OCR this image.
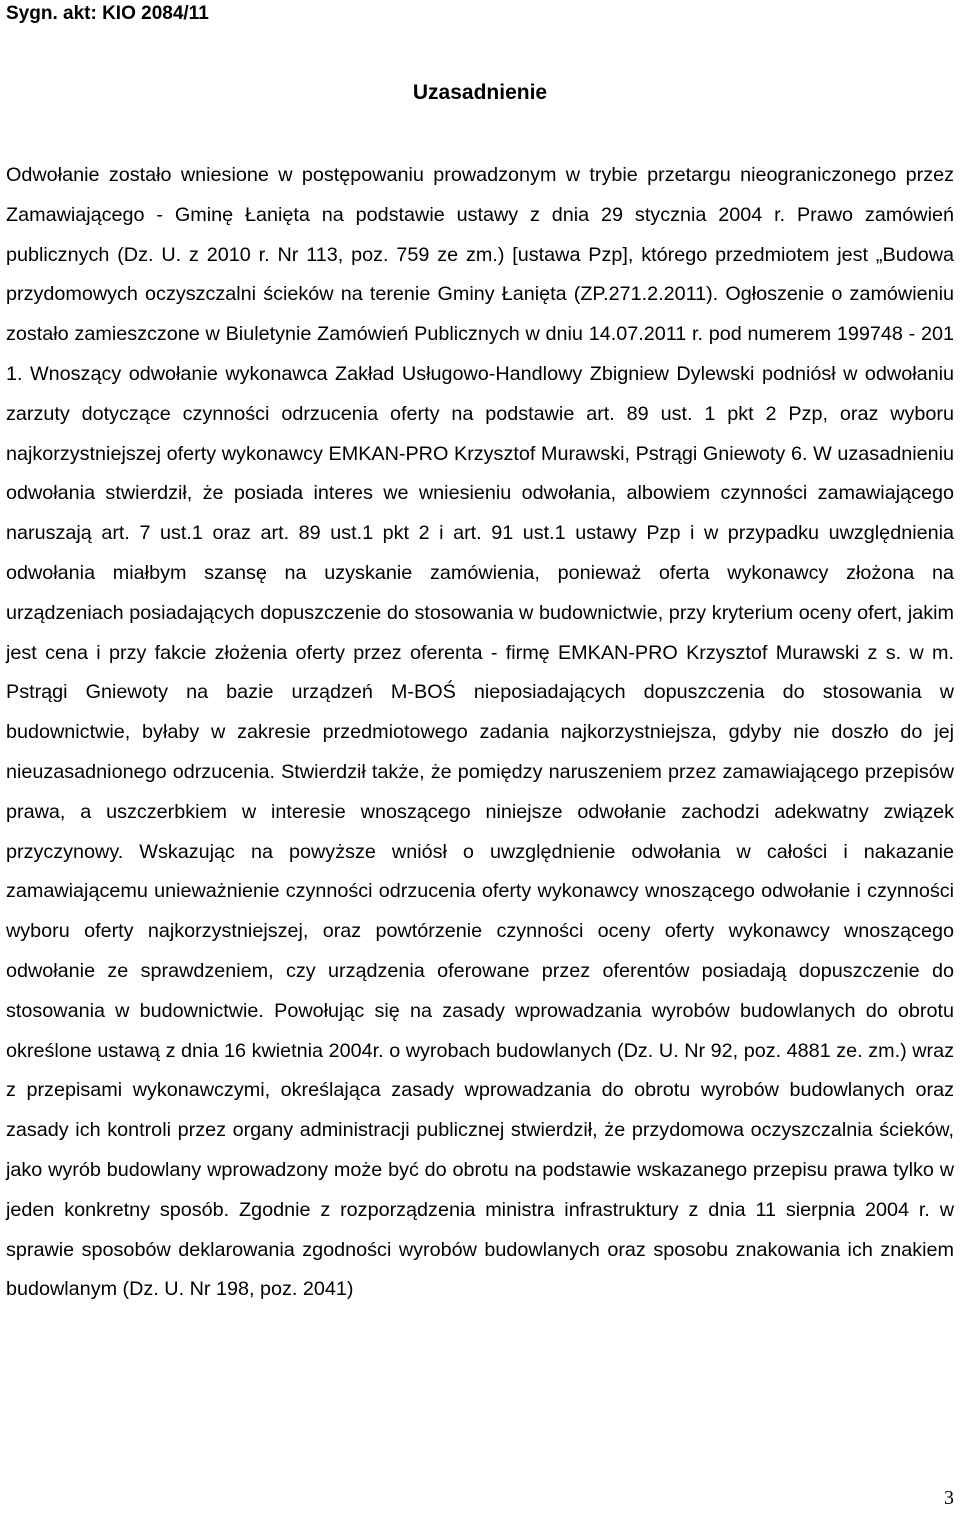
Sygn. akt: KIO 2084/11
Uzasadnienie

Odwołanie zostało wniesione w postępowaniu prowadzonym w trybie przetargu nieograniczonego przez Zamawiającego - Gminę Łanięta na podstawie ustawy z dnia 29 stycznia 2004 r. Prawo zamówień publicznych (Dz. U. z 2010 r. Nr 113, poz. 759 ze zm.) [ustawa Pzp], którego przedmiotem jest „Budowa przydomowych oczyszczalni ścieków na terenie Gminy Łanięta (ZP.271.2.2011). Ogłoszenie o zamówieniu zostało zamieszczone w Biuletynie Zamówień Publicznych w dniu 14.07.2011 r. pod numerem 199748 - 201 1. Wnoszący odwołanie wykonawca Zakład Usługowo-Handlowy Zbigniew Dylewski podniósł w odwołaniu zarzuty dotyczące czynności odrzucenia oferty na podstawie art. 89 ust. 1 pkt 2 Pzp, oraz wyboru najkorzystniejszej oferty wykonawcy EMKAN-PRO Krzysztof Murawski, Pstrągi Gniewoty 6. W uzasadnieniu odwołania stwierdził, że posiada interes we wniesieniu odwołania, albowiem czynności zamawiającego naruszają art. 7 ust.1 oraz art. 89 ust.1 pkt 2 i art. 91 ust.1 ustawy Pzp i w przypadku uwzględnienia odwołania miałbym szansę na uzyskanie zamówienia, ponieważ oferta wykonawcy złożona na urządzeniach posiadających dopuszczenie do stosowania w budownictwie, przy kryterium oceny ofert, jakim jest cena i przy fakcie złożenia oferty przez oferenta - firmę EMKAN-PRO Krzysztof Murawski z s. w m. Pstrągi Gniewoty na bazie urządzeń M-BOŚ nieposiadających dopuszczenia do stosowania w budownictwie, byłaby w zakresie przedmiotowego zadania najkorzystniejsza, gdyby nie doszło do jej nieuzasadnionego odrzucenia. Stwierdził także, że pomiędzy naruszeniem przez zamawiającego przepisów prawa, a uszczerbkiem w interesie wnoszącego niniejsze odwołanie zachodzi adekwatny związek przyczynowy. Wskazując na powyższe wniósł o uwzględnienie odwołania w całości i nakazanie zamawiającemu unieważnienie czynności odrzucenia oferty wykonawcy wnoszącego odwołanie i czynności wyboru oferty najkorzystniejszej, oraz powtórzenie czynności oceny oferty wykonawcy wnoszącego odwołanie ze sprawdzeniem, czy urządzenia oferowane przez oferentów posiadają dopuszczenie do stosowania w budownictwie. Powołując się na zasady wprowadzania wyrobów budowlanych do obrotu określone ustawą z dnia 16 kwietnia 2004r. o wyrobach budowlanych (Dz. U. Nr 92, poz. 4881 ze. zm.) wraz z przepisami wykonawczymi, określająca zasady wprowadzania do obrotu wyrobów budowlanych oraz zasady ich kontroli przez organy administracji publicznej stwierdził, że przydomowa oczyszczalnia ścieków, jako wyrób budowlany wprowadzony może być do obrotu na podstawie wskazanego przepisu prawa tylko w jeden konkretny sposób. Zgodnie z rozporządzenia ministra infrastruktury z dnia 11 sierpnia 2004 r. w sprawie sposobów deklarowania zgodności wyrobów budowlanych oraz sposobu znakowania ich znakiem budowlanym (Dz. U. Nr 198, poz. 2041)

3
